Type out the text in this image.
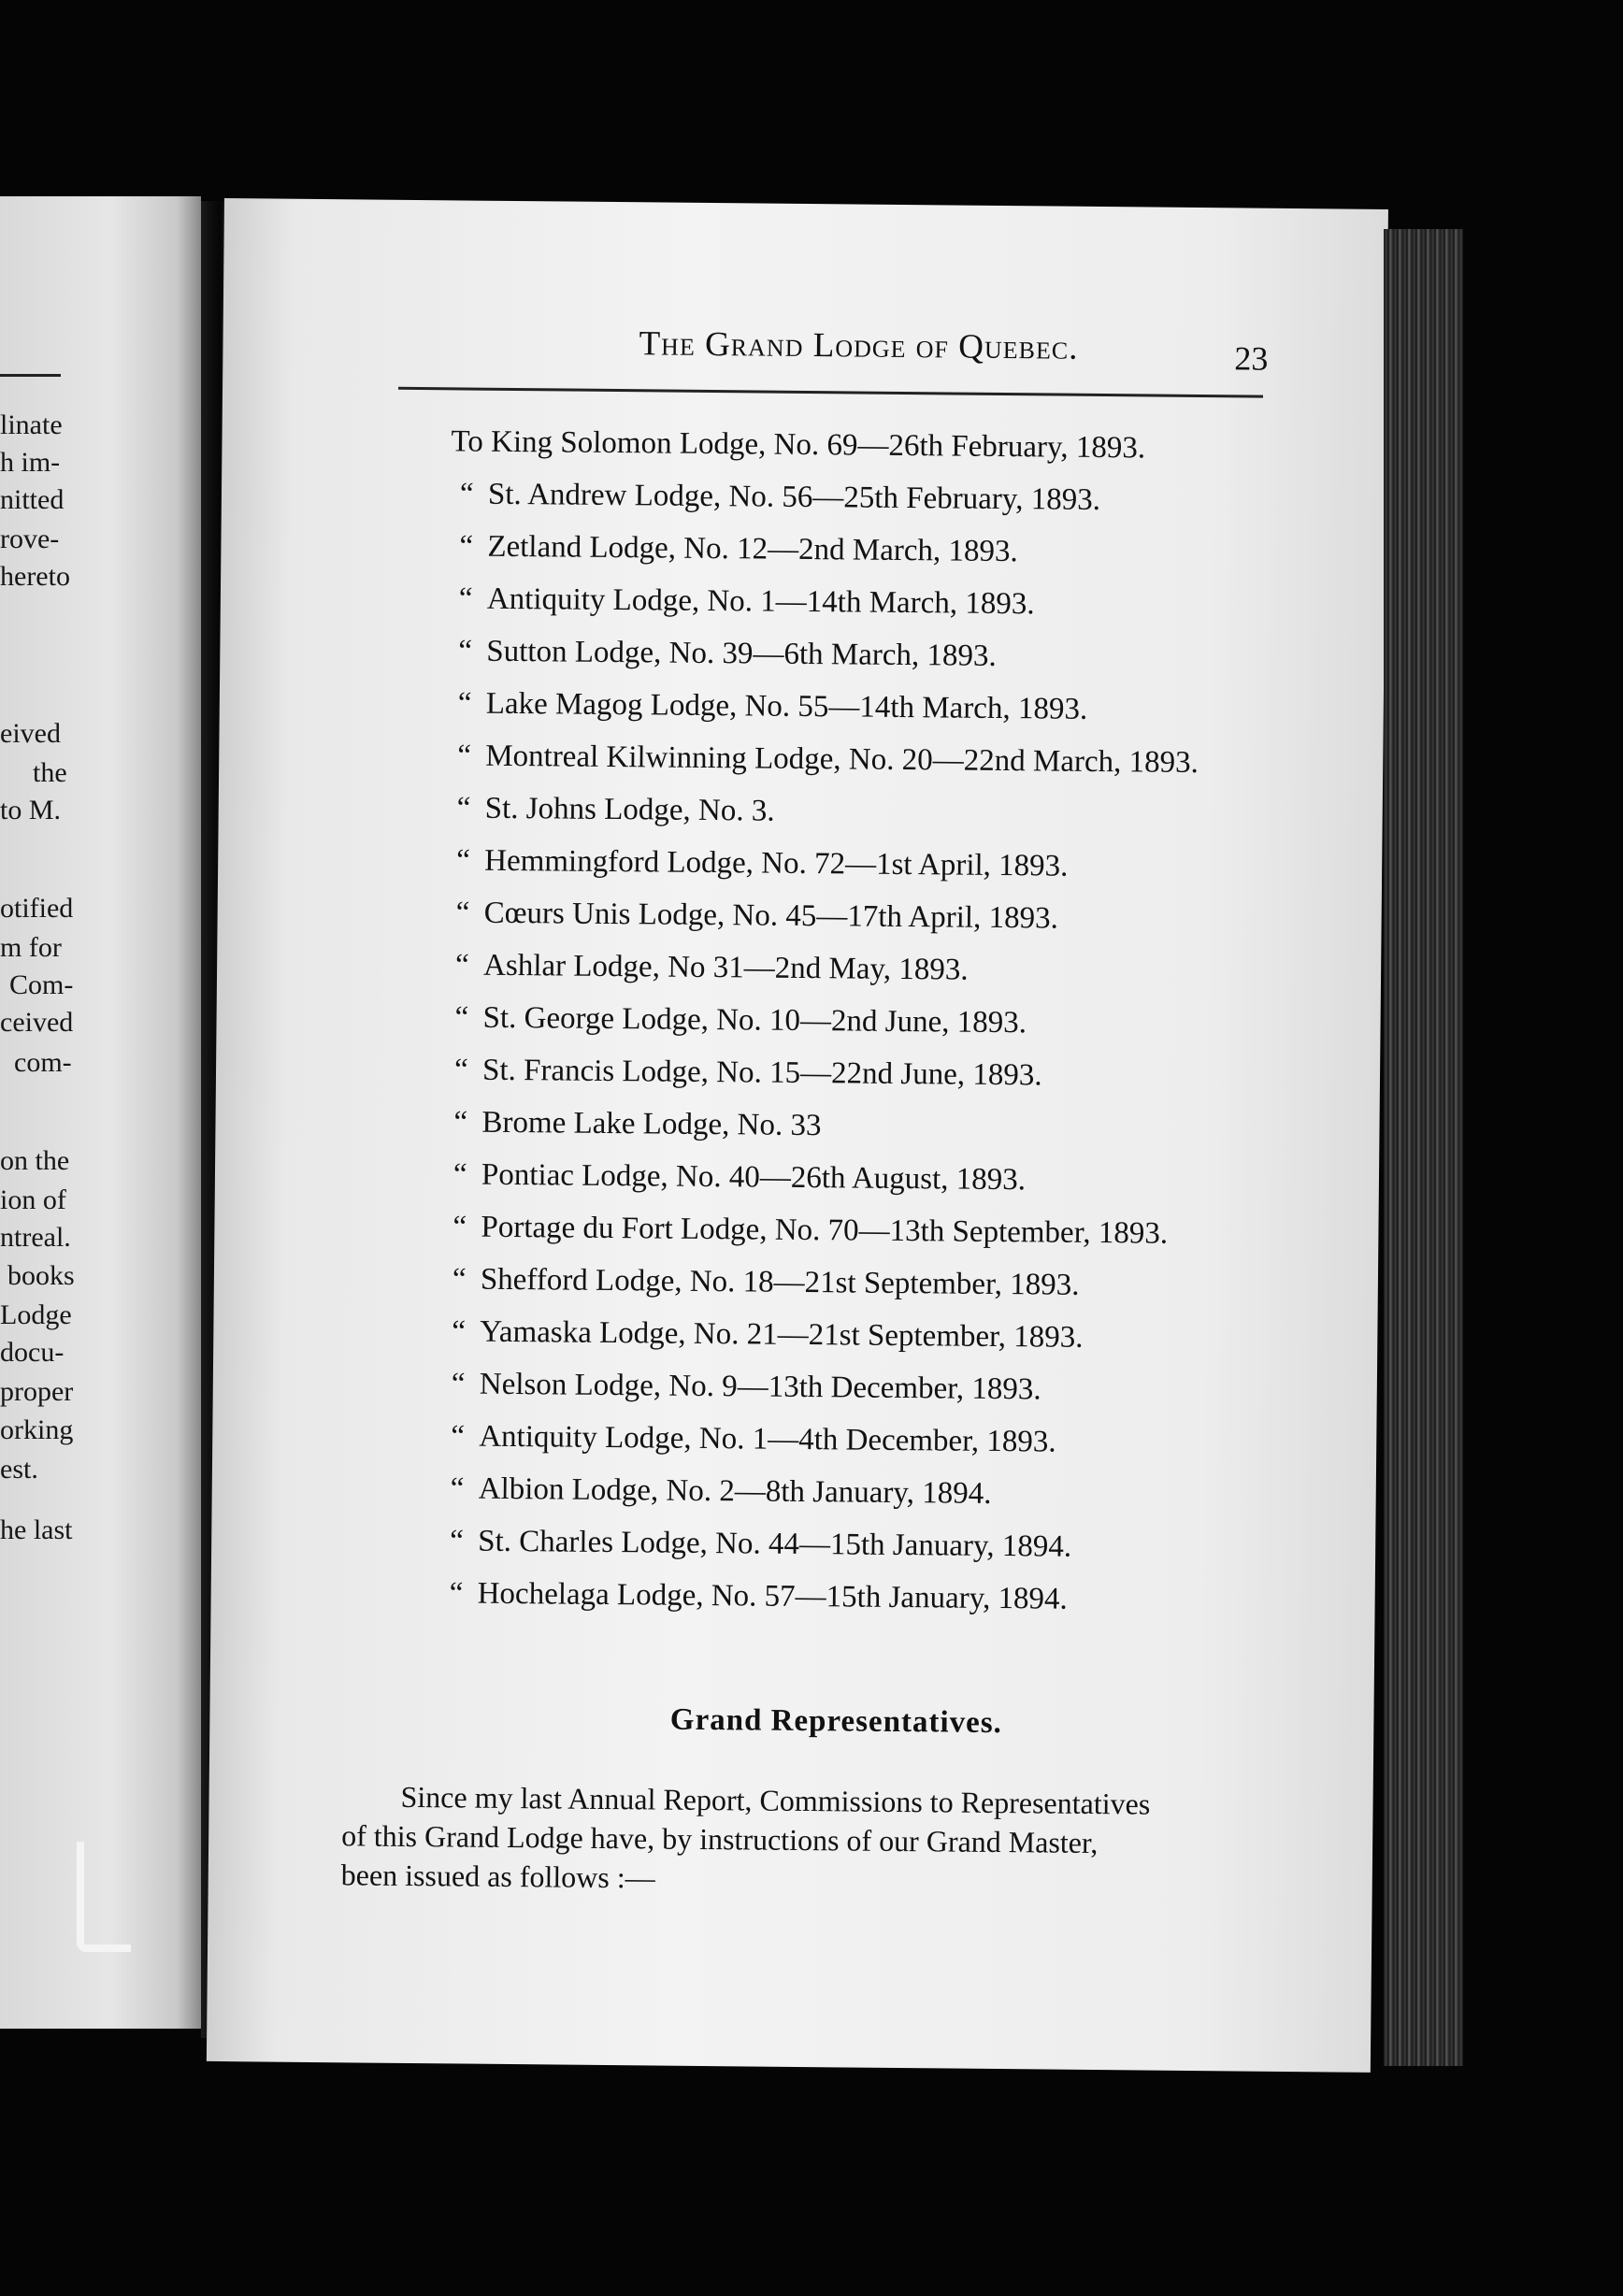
linate
h im-
nitted
rove-
hereto
eived
the
to M.
otified
m for
Com-
ceived
com-
on the
ion of
ntreal.
books
Lodge
docu-
proper
orking
est.
he last
The Grand Lodge of Quebec.	23
To King Solomon Lodge, No. 69—26th February, 1893.
“ St. Andrew Lodge, No. 56—25th February, 1893.
“ Zetland Lodge, No. 12—2nd March, 1893.
“ Antiquity Lodge, No. 1—14th March, 1893.
“ Sutton Lodge, No. 39—6th March, 1893.
“ Lake Magog Lodge, No. 55—14th March, 1893.
“ Montreal Kilwinning Lodge, No. 20—22nd March, 1893.
“ St. Johns Lodge, No. 3.
“ Hemmingford Lodge, No. 72—1st April, 1893.
“ Cœurs Unis Lodge, No. 45—17th April, 1893.
“ Ashlar Lodge, No 31—2nd May, 1893.
“ St. George Lodge, No. 10—2nd June, 1893.
“ St. Francis Lodge, No. 15—22nd June, 1893.
“ Brome Lake Lodge, No. 33
“ Pontiac Lodge, No. 40—26th August, 1893.
“ Portage du Fort Lodge, No. 70—13th September, 1893.
“ Shefford Lodge, No. 18—21st September, 1893.
“ Yamaska Lodge, No. 21—21st September, 1893.
“ Nelson Lodge, No. 9—13th December, 1893.
“ Antiquity Lodge, No. 1—4th December, 1893.
“ Albion Lodge, No. 2—8th January, 1894.
“ St. Charles Lodge, No. 44—15th January, 1894.
“ Hochelaga Lodge, No. 57—15th January, 1894.
Grand Representatives.
Since my last Annual Report, Commissions to Representatives
of this Grand Lodge have, by instructions of our Grand Master,
been issued as follows :—
